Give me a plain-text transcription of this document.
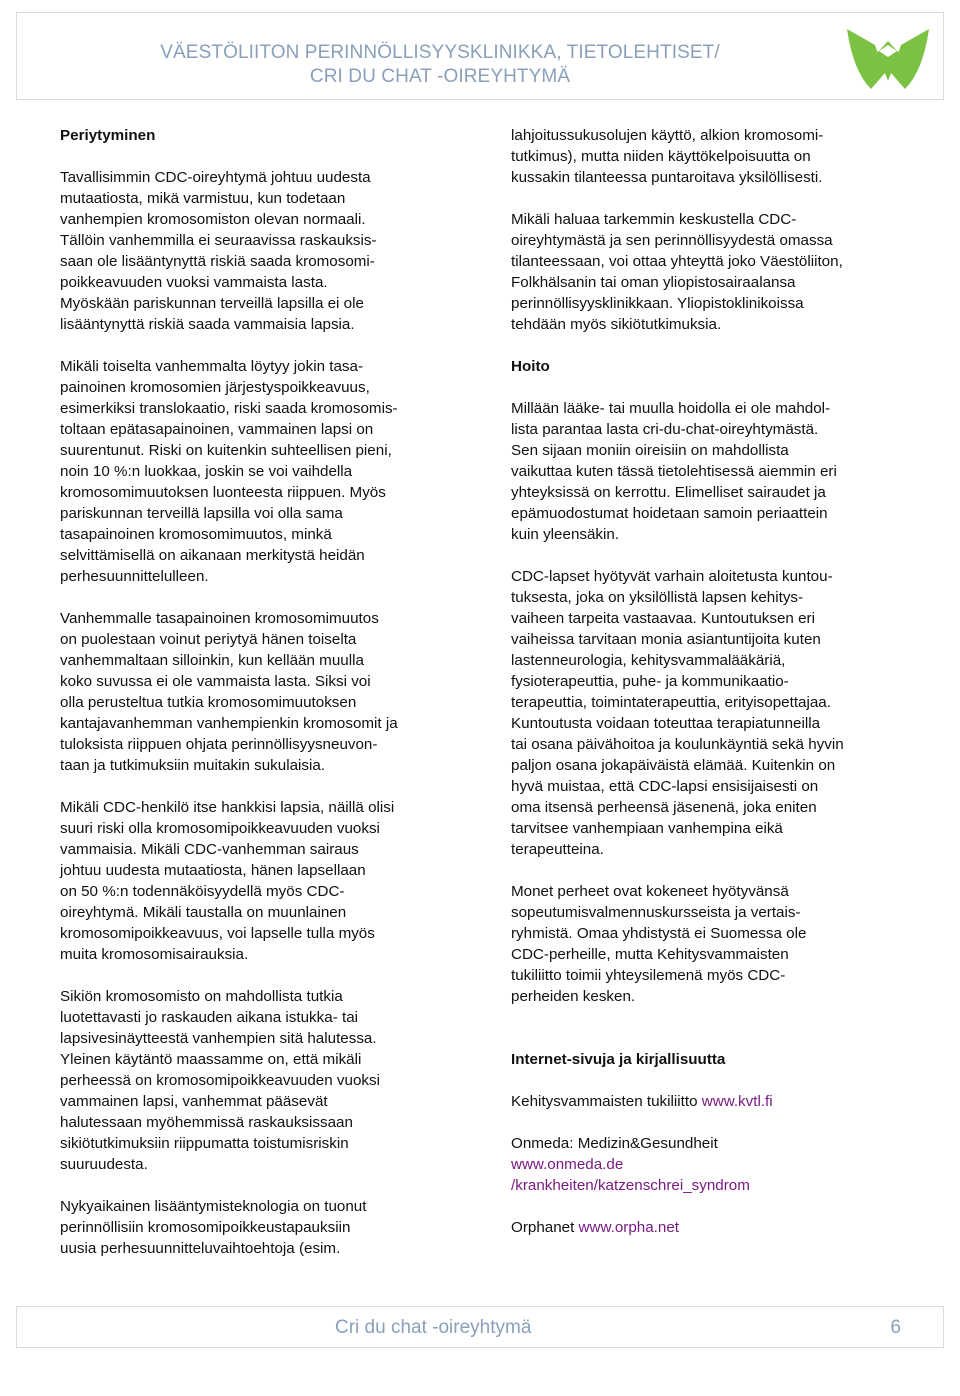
VÄESTÖLIITON PERINNÖLLISYYSKLINIKKA, TIETOLEHTISET/
CRI DU CHAT -OIREYHTYMÄ
Periytyminen

Tavallisimmin CDC-oireyhtymä johtuu uudesta
mutaatiosta, mikä varmistuu, kun todetaan
vanhempien kromosomiston olevan normaali.
Tällöin vanhemmilla ei seuraavissa raskauksis-
saan ole lisääntynyttä riskiä saada kromosomi-
poikkeavuuden vuoksi vammaista lasta.
Myöskään pariskunnan terveillä lapsilla ei ole
lisääntynyttä riskiä saada vammaisia lapsia.

Mikäli toiselta vanhemmalta löytyy jokin tasa-
painoinen kromosomien järjestyspoikkeavuus,
esimerkiksi translokaatio, riski saada kromosomis-
toltaan epätasapainoinen, vammainen lapsi on
suurentunut. Riski on kuitenkin suhteellisen pieni,
noin 10 %:n luokkaa, joskin se voi vaihdella
kromosomimuutoksen luonteesta riippuen. Myös
pariskunnan terveillä lapsilla voi olla sama
tasapainoinen kromosomimuutos, minkä
selvittämisellä on aikanaan merkitystä heidän
perhesuunnittelulleen.

Vanhemmalle tasapainoinen kromosomimuutos
on puolestaan voinut periytyä hänen toiselta
vanhemmaltaan silloinkin, kun kellään muulla
koko suvussa ei ole vammaista lasta. Siksi voi
olla perusteltua tutkia kromosomimuutoksen
kantajavanhemman vanhempienkin kromosomit ja
tuloksista riippuen ohjata perinnöllisyysneuvon-
taan ja tutkimuksiin muitakin sukulaisia.

Mikäli CDC-henkilö itse hankkisi lapsia, näillä olisi
suuri riski olla kromosomipoikkeavuuden vuoksi
vammaisia. Mikäli CDC-vanhemman sairaus
johtuu uudesta mutaatiosta, hänen lapsellaan
on 50 %:n todennäköisyydellä myös CDC-
oireyhtymä. Mikäli taustalla on muunlainen
kromosomipoikkeavuus, voi lapselle tulla myös
muita kromosomisairauksia.

Sikiön kromosomisto on mahdollista tutkia
luotettavasti jo raskauden aikana istukka- tai
lapsivesinäytteestä vanhempien sitä halutessa.
Yleinen käytäntö maassamme on, että mikäli
perheessä on kromosomipoikkeavuuden vuoksi
vammainen lapsi, vanhemmat pääsevät
halutessaan myöhemmissä raskauksissaan
sikiötutkimuksiin riippumatta toistumisriskin
suuruudesta.

Nykyaikainen lisääntymisteknologia on tuonut
perinnöllisiin kromosomipoikkeustapauksiin
uusia perhesuunnitteluvaihtoehtoja (esim.

lahjoitussukusolujen käyttö, alkion kromosomi-
tutkimus), mutta niiden käyttökelpoisuutta on
kussakin tilanteessa puntaroitava yksilöllisesti.

Mikäli haluaa tarkemmin keskustella CDC-
oireyhtymästä ja sen perinnöllisyydestä omassa
tilanteessaan, voi ottaa yhteyttä joko Väestöliiton,
Folkhälsanin tai oman yliopistosairaalansa
perinnöllisyysklinikkaan. Yliopistoklinikoissa
tehdään myös sikiötutkimuksia.

Hoito

Millään lääke- tai muulla hoidolla ei ole mahdol-
lista parantaa lasta cri-du-chat-oireyhtymästä.
Sen sijaan moniin oireisiin on mahdollista
vaikuttaa kuten tässä tietolehtisessä aiemmin eri
yhteyksissä on kerrottu. Elimelliset sairaudet ja
epämuodostumat hoidetaan samoin periaattein
kuin yleensäkin.

CDC-lapset hyötyvät varhain aloitetusta kuntou-
tuksesta, joka on yksilöllistä lapsen kehitys-
vaiheen tarpeita vastaavaa. Kuntoutuksen eri
vaiheissa tarvitaan monia asiantuntijoita kuten
lastenneurologia, kehitysvammalääkäriä,
fysioterapeuttia, puhe- ja kommunikaatio-
terapeuttia, toimintaterapeuttia, erityisopettajaa.
Kuntoutusta voidaan toteuttaa terapiatunneilla
tai osana päivähoitoa ja koulunkäyntiä sekä hyvin
paljon osana jokapäiväistä elämää. Kuitenkin on
hyvä muistaa, että CDC-lapsi ensisijaisesti on
oma itsensä perheensä jäsenenä, joka eniten
tarvitsee vanhempiaan vanhempina eikä
terapeutteina.

Monet perheet ovat kokeneet hyötyvänsä
sopeutumisvalmennuskursseista ja vertais-
ryhmistä. Omaa yhdistystä ei Suomessa ole
CDC-perheille, mutta Kehitysvammaisten
tukiliitto toimii yhteysilemenä myös CDC-
perheiden kesken.

Internet-sivuja ja kirjallisuutta

Kehitysvammaisten tukiliitto www.kvtl.fi

Onmeda: Medizin&Gesundheit
www.onmeda.de
/krankheiten/katzenschrei_syndrom

Orphanet www.orpha.net

Cri du chat -oireyhtymä	6
